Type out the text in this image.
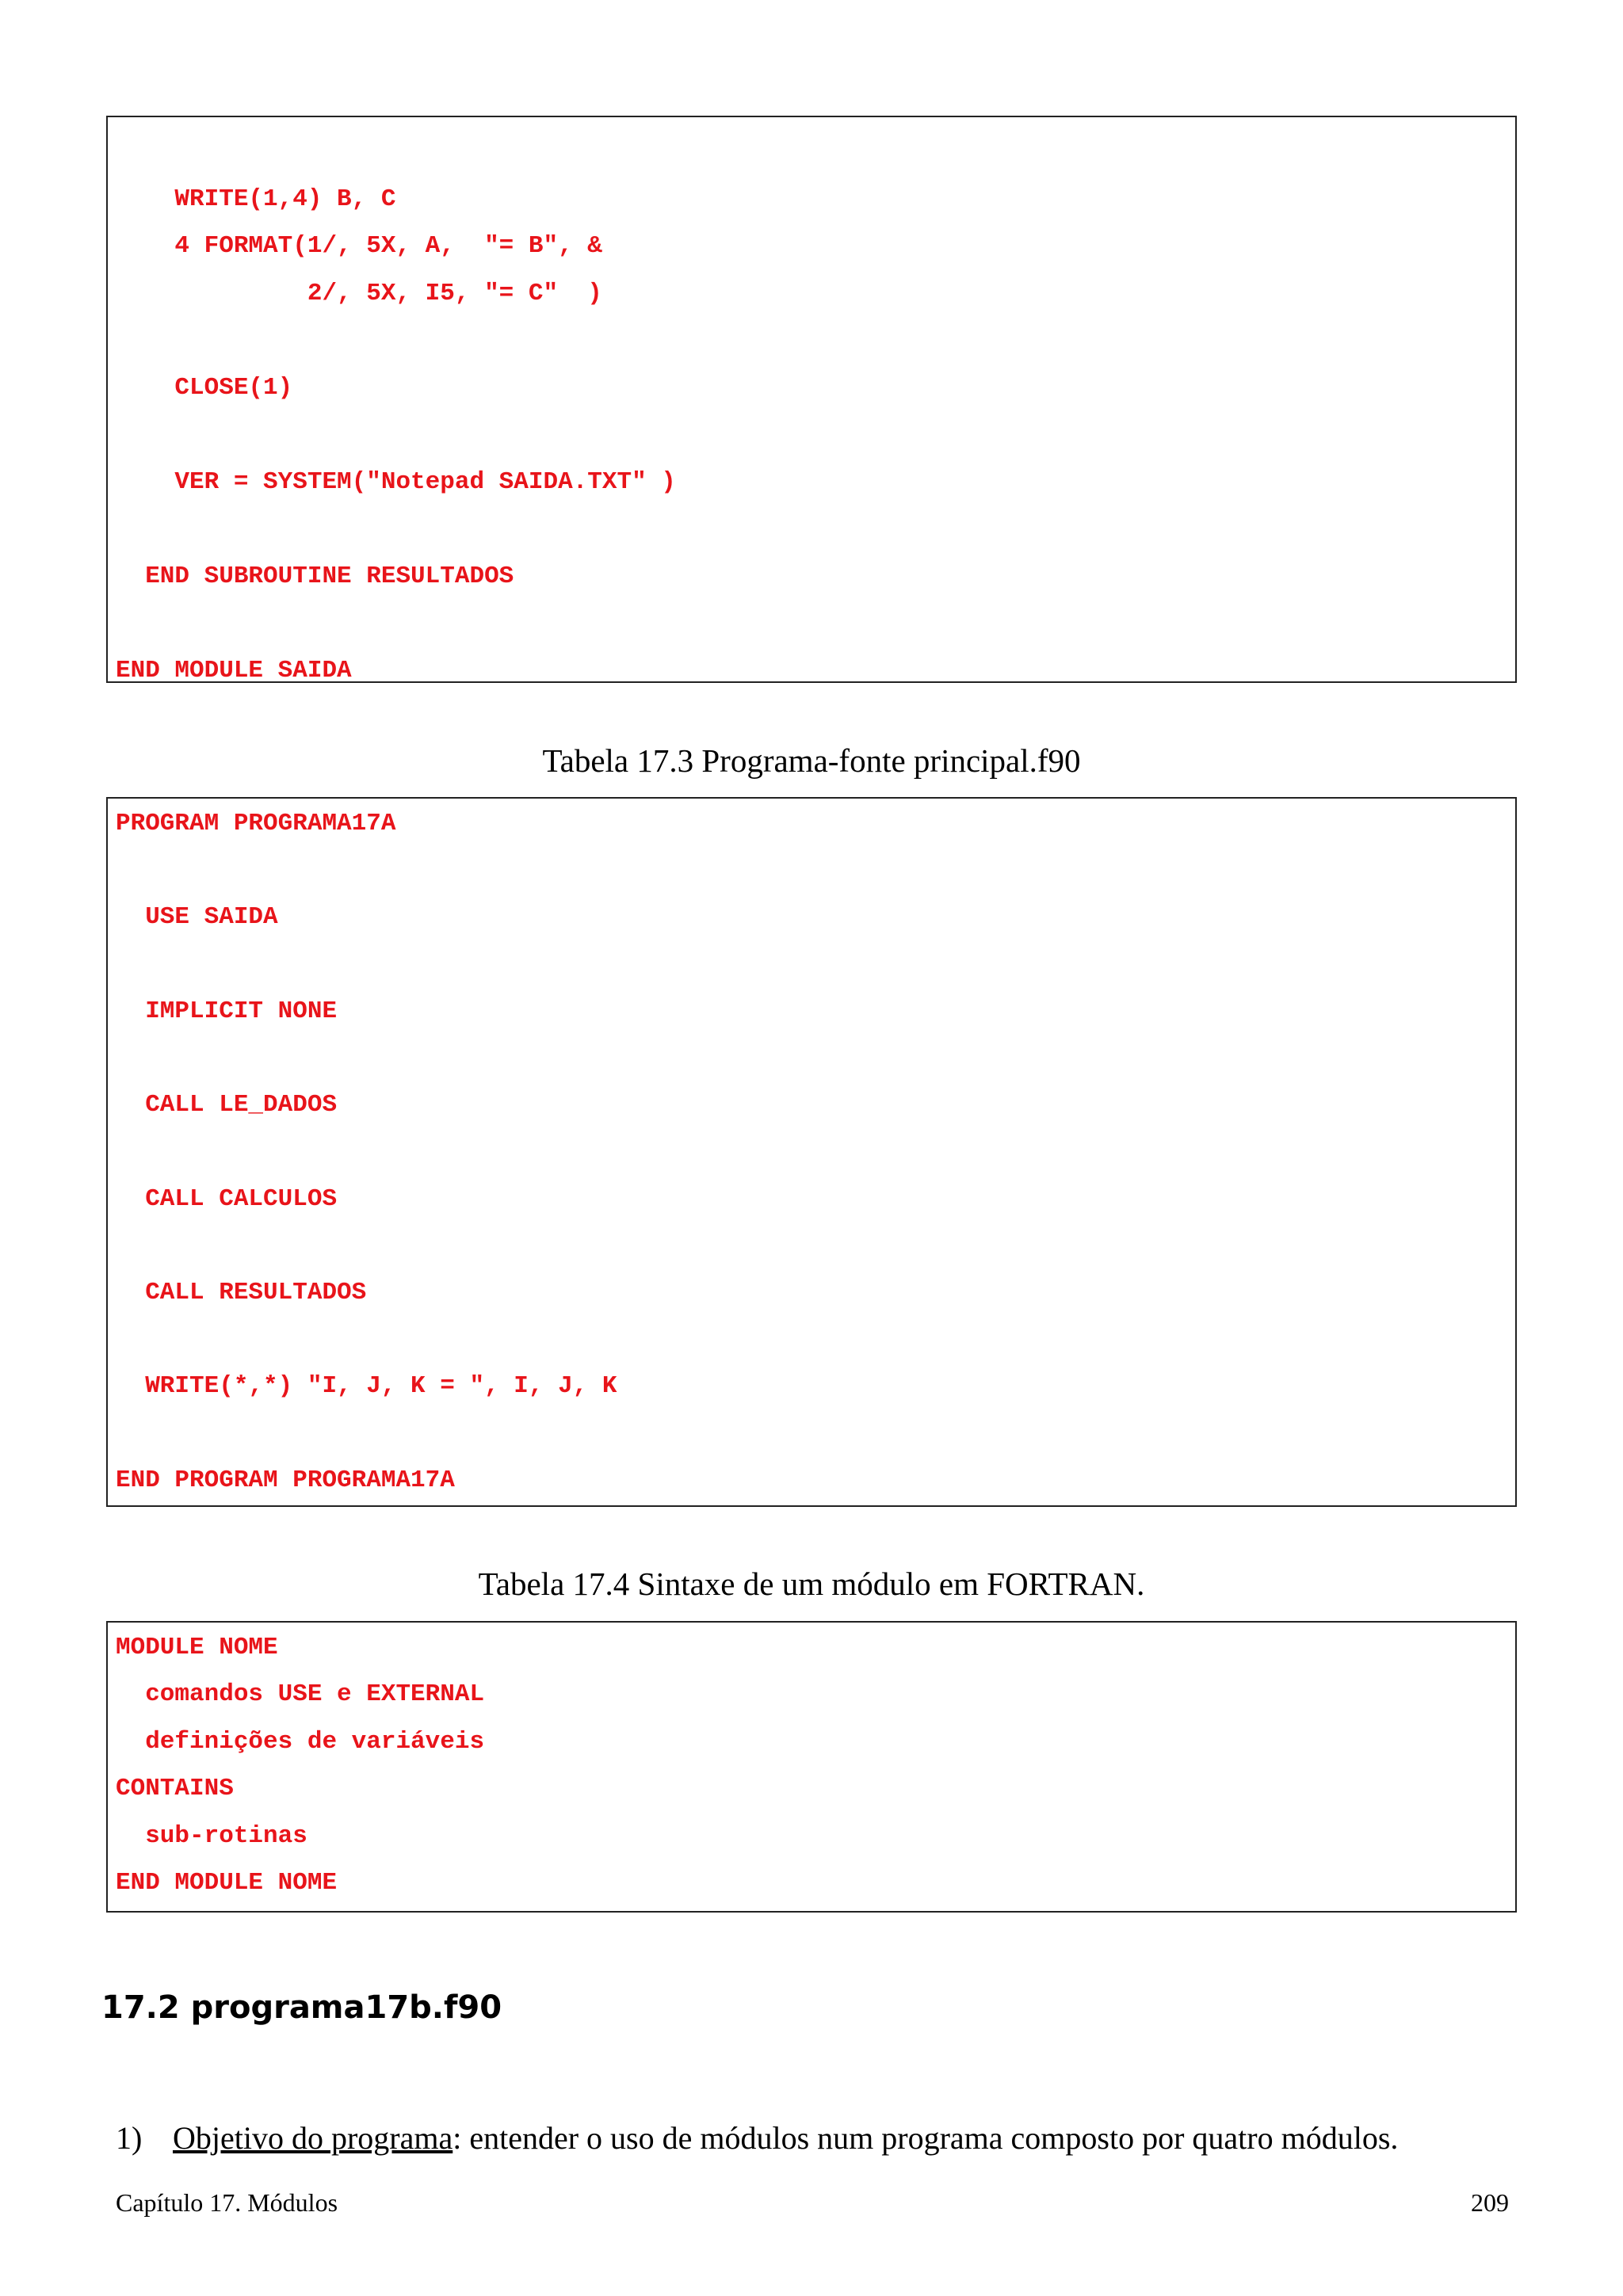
WRITE(1,4) B, C
4 FORMAT(1/, 5X, A,  "= B", &
2/, 5X, I5, "= C"  )

CLOSE(1)

VER = SYSTEM("Notepad SAIDA.TXT" )

END SUBROUTINE RESULTADOS

END MODULE SAIDA
Tabela 17.3 Programa-fonte principal.f90
PROGRAM PROGRAMA17A

USE SAIDA

IMPLICIT NONE

CALL LE_DADOS

CALL CALCULOS

CALL RESULTADOS

WRITE(*,*) "I, J, K = ", I, J, K

END PROGRAM PROGRAMA17A
Tabela 17.4 Sintaxe de um módulo em FORTRAN.
MODULE NOME
comandos USE e EXTERNAL
definições de variáveis
CONTAINS
sub-rotinas
END MODULE NOME
17.2 programa17b.f90
1) Objetivo do programa: entender o uso de módulos num programa composto por quatro módulos.
Capítulo 17. Módulos	209
